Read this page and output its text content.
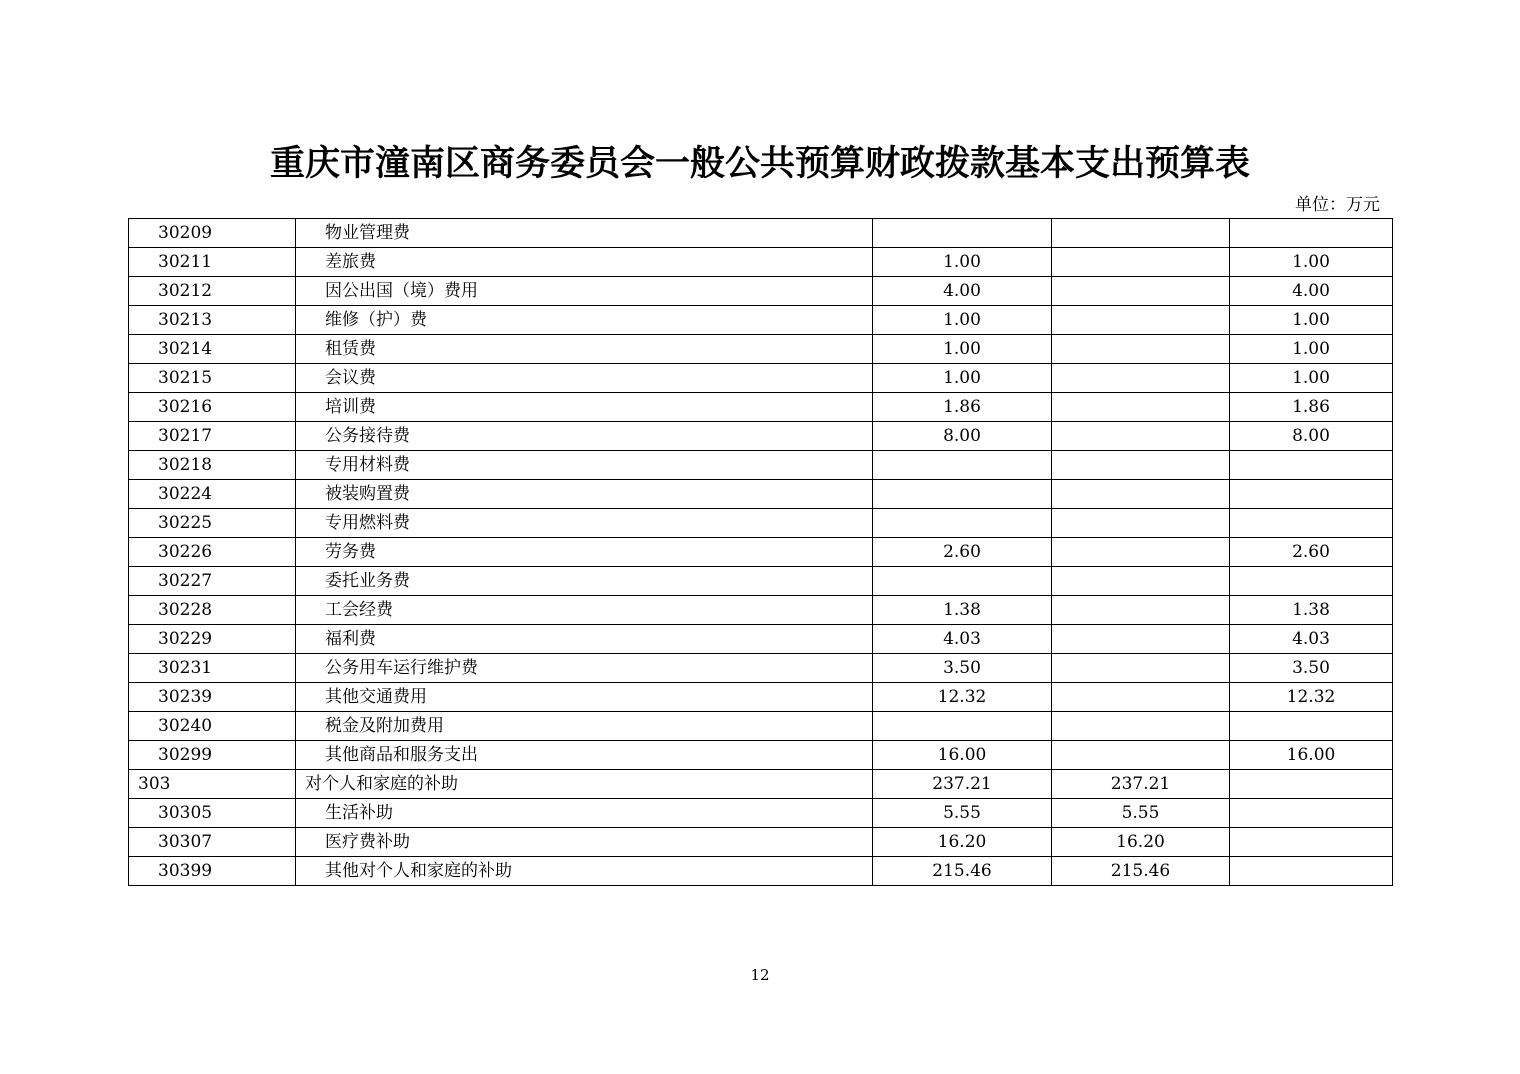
重庆市潼南区商务委员会一般公共预算财政拨款基本支出预算表
单位：万元
30209	物业管理费			
30211	差旅费	1.00		1.00
30212	因公出国（境）费用	4.00		4.00
30213	维修（护）费	1.00		1.00
30214	租赁费	1.00		1.00
30215	会议费	1.00		1.00
30216	培训费	1.86		1.86
30217	公务接待费	8.00		8.00
30218	专用材料费			
30224	被装购置费			
30225	专用燃料费			
30226	劳务费	2.60		2.60
30227	委托业务费			
30228	工会经费	1.38		1.38
30229	福利费	4.03		4.03
30231	公务用车运行维护费	3.50		3.50
30239	其他交通费用	12.32		12.32
30240	税金及附加费用			
30299	其他商品和服务支出	16.00		16.00
303	对个人和家庭的补助	237.21	237.21	
30305	生活补助	5.55	5.55	
30307	医疗费补助	16.20	16.20	
30399	其他对个人和家庭的补助	215.46	215.46	
12
